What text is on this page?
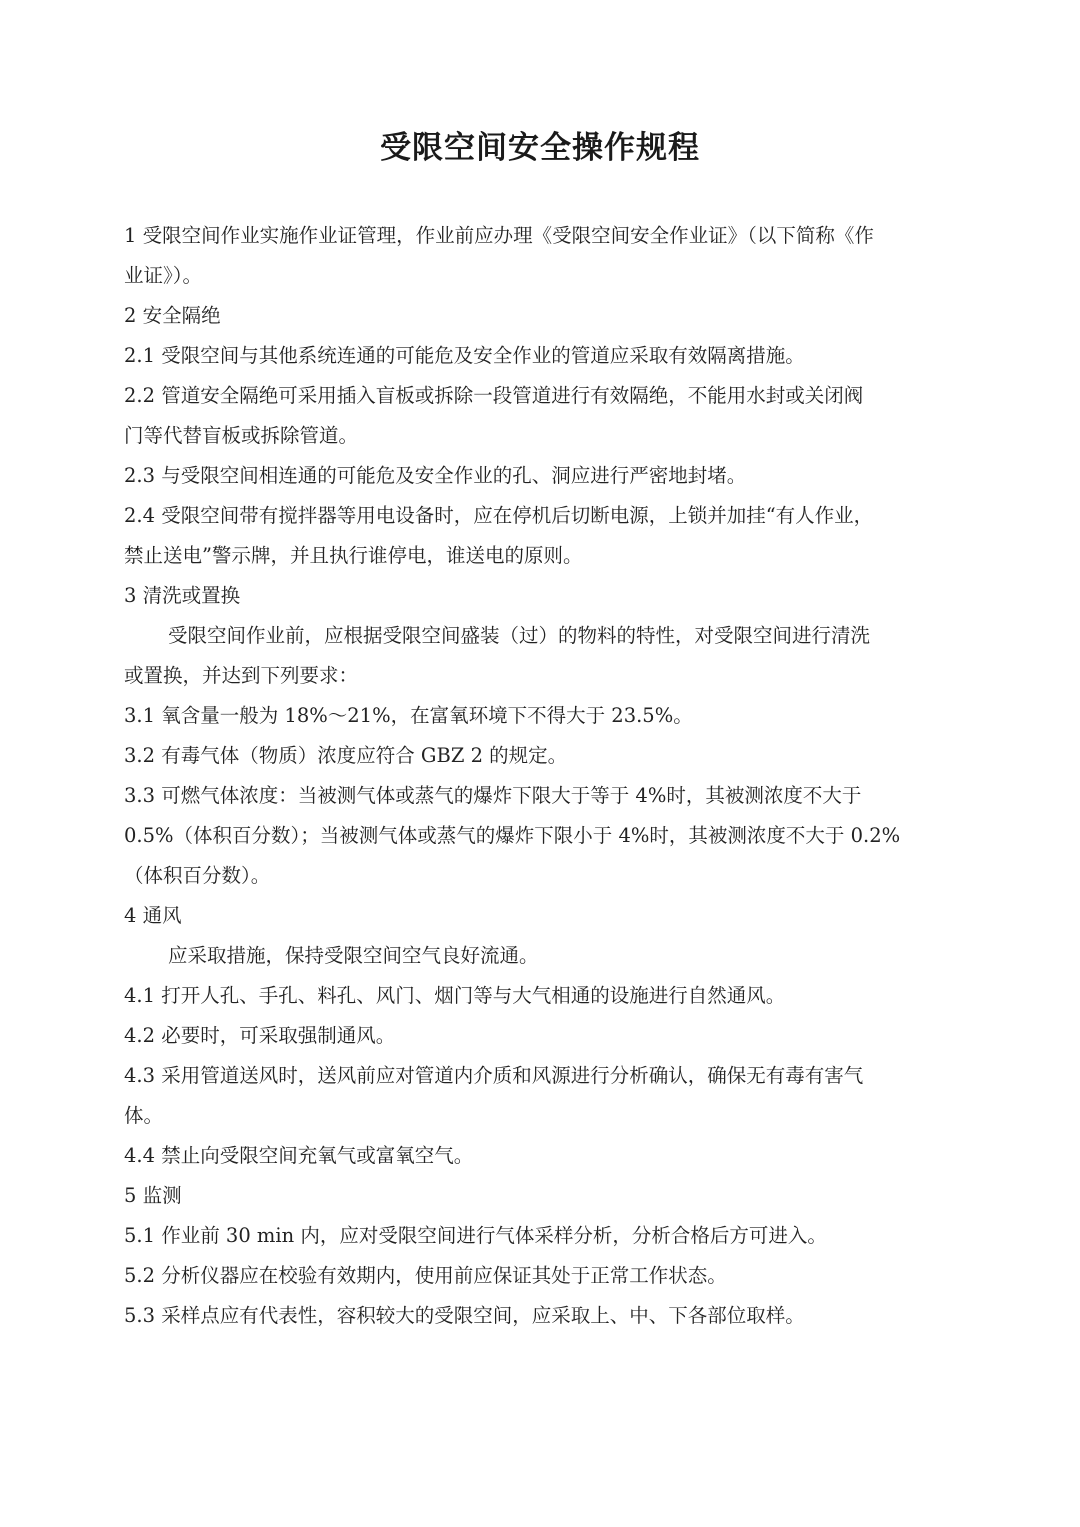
受限空间安全操作规程
1 受限空间作业实施作业证管理，作业前应办理《受限空间安全作业证》（以下简称《作
业证》）。
2 安全隔绝
2.1 受限空间与其他系统连通的可能危及安全作业的管道应采取有效隔离措施。
2.2 管道安全隔绝可采用插入盲板或拆除一段管道进行有效隔绝，不能用水封或关闭阀
门等代替盲板或拆除管道。
2.3 与受限空间相连通的可能危及安全作业的孔、洞应进行严密地封堵。
2.4 受限空间带有搅拌器等用电设备时，应在停机后切断电源，上锁并加挂“有人作业，
禁止送电”警示牌，并且执行谁停电，谁送电的原则。
3 清洗或置换
受限空间作业前，应根据受限空间盛装（过）的物料的特性，对受限空间进行清洗
或置换，并达到下列要求：
3.1 氧含量一般为 18%～21%，在富氧环境下不得大于 23.5%。
3.2 有毒气体（物质）浓度应符合 GBZ 2 的规定。
3.3 可燃气体浓度：当被测气体或蒸气的爆炸下限大于等于 4%时，其被测浓度不大于
0.5%（体积百分数）；当被测气体或蒸气的爆炸下限小于 4%时，其被测浓度不大于 0.2%
（体积百分数）。
4 通风
应采取措施，保持受限空间空气良好流通。
4.1 打开人孔、手孔、料孔、风门、烟门等与大气相通的设施进行自然通风。
4.2 必要时，可采取强制通风。
4.3 采用管道送风时，送风前应对管道内介质和风源进行分析确认，确保无有毒有害气
体。
4.4 禁止向受限空间充氧气或富氧空气。
5 监测
5.1 作业前 30 min 内，应对受限空间进行气体采样分析，分析合格后方可进入。
5.2 分析仪器应在校验有效期内，使用前应保证其处于正常工作状态。
5.3 采样点应有代表性，容积较大的受限空间，应采取上、中、下各部位取样。
